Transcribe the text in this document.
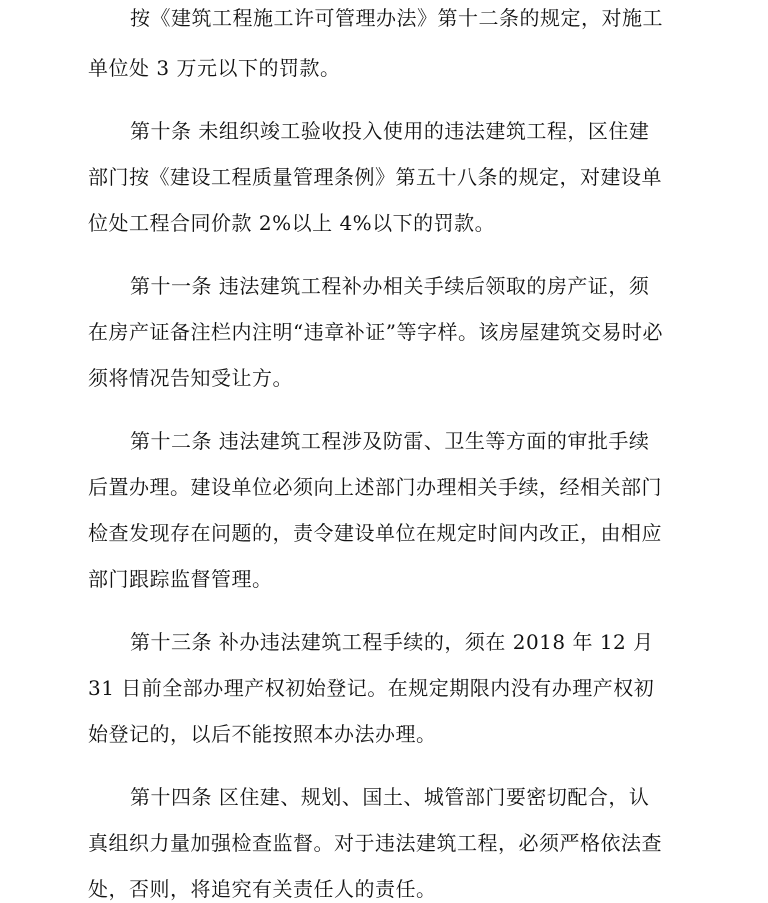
按《建筑工程施工许可管理办法》第十二条的规定，对施工
单位处 3 万元以下的罚款。
第十条 未组织竣工验收投入使用的违法建筑工程，区住建
部门按《建设工程质量管理条例》第五十八条的规定，对建设单
位处工程合同价款 2%以上 4%以下的罚款。
第十一条 违法建筑工程补办相关手续后领取的房产证，须
在房产证备注栏内注明“违章补证”等字样。该房屋建筑交易时必
须将情况告知受让方。
第十二条 违法建筑工程涉及防雷、卫生等方面的审批手续
后置办理。建设单位必须向上述部门办理相关手续，经相关部门
检查发现存在问题的，责令建设单位在规定时间内改正，由相应
部门跟踪监督管理。
第十三条 补办违法建筑工程手续的，须在 2018 年 12 月
31 日前全部办理产权初始登记。在规定期限内没有办理产权初
始登记的，以后不能按照本办法办理。
第十四条 区住建、规划、国土、城管部门要密切配合，认
真组织力量加强检查监督。对于违法建筑工程，必须严格依法查
处，否则，将追究有关责任人的责任。
